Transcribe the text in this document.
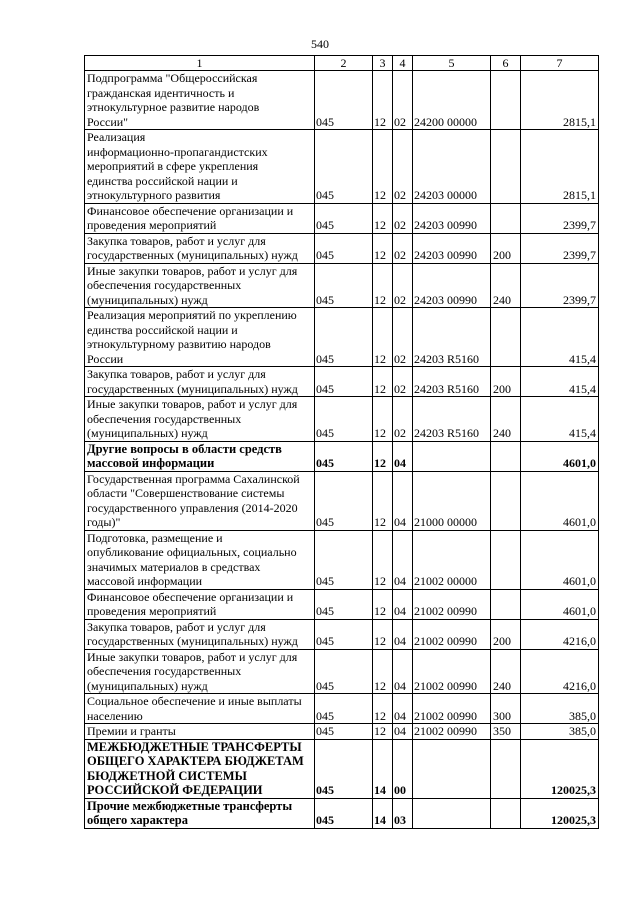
540
1	2	3	4	5	6	7
Подпрограмма "Общероссийская
гражданская идентичность и
этнокультурное развитие народов
России"	045	12	02	24200 00000		2815,1
Реализация
информационно-пропагандистских
мероприятий в сфере укрепления
единства российской нации и
этнокультурного развития	045	12	02	24203 00000		2815,1
Финансовое обеспечение организации и
проведения мероприятий	045	12	02	24203 00990		2399,7
Закупка товаров, работ и услуг для
государственных (муниципальных) нужд	045	12	02	24203 00990	200	2399,7
Иные закупки товаров, работ и услуг для
обеспечения государственных
(муниципальных) нужд	045	12	02	24203 00990	240	2399,7
Реализация мероприятий по укреплению
единства российской нации и
этнокультурному развитию народов
России	045	12	02	24203 R5160		415,4
Закупка товаров, работ и услуг для
государственных (муниципальных) нужд	045	12	02	24203 R5160	200	415,4
Иные закупки товаров, работ и услуг для
обеспечения государственных
(муниципальных) нужд	045	12	02	24203 R5160	240	415,4
Другие вопросы в области средств
массовой информации	045	12	04			4601,0
Государственная программа Сахалинской
области "Совершенствование системы
государственного управления (2014-2020
годы)"	045	12	04	21000 00000		4601,0
Подготовка, размещение и
опубликование официальных, социально
значимых материалов в средствах
массовой информации	045	12	04	21002 00000		4601,0
Финансовое обеспечение организации и
проведения мероприятий	045	12	04	21002 00990		4601,0
Закупка товаров, работ и услуг для
государственных (муниципальных) нужд	045	12	04	21002 00990	200	4216,0
Иные закупки товаров, работ и услуг для
обеспечения государственных
(муниципальных) нужд	045	12	04	21002 00990	240	4216,0
Социальное обеспечение и иные выплаты
населению	045	12	04	21002 00990	300	385,0
Премии и гранты	045	12	04	21002 00990	350	385,0
МЕЖБЮДЖЕТНЫЕ ТРАНСФЕРТЫ
ОБЩЕГО ХАРАКТЕРА БЮДЖЕТАМ
БЮДЖЕТНОЙ СИСТЕМЫ
РОССИЙСКОЙ ФЕДЕРАЦИИ	045	14	00			120025,3
Прочие межбюджетные трансферты
общего характера	045	14	03			120025,3
